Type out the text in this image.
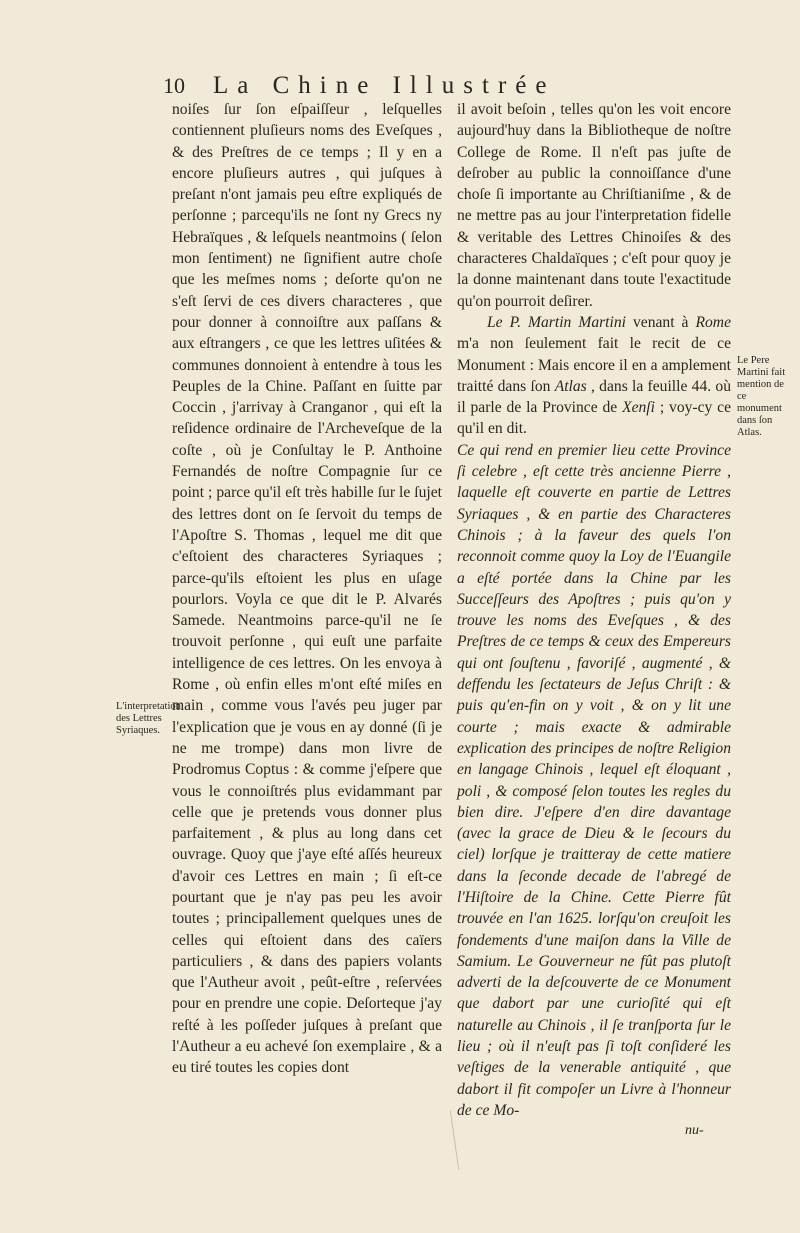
10	La Chine Illustrée

noiſes ſur ſon eſpaiſſeur , leſquelles contiennent pluſieurs noms des Eveſques , & des Preſtres de ce temps ; Il y en a encore pluſieurs autres , qui juſques à preſant n'ont jamais peu eſtre expliqués de perſonne ; parcequ'ils ne ſont ny Grecs ny Hebraïques , & leſquels neantmoins ( ſelon mon ſentiment) ne ſignifient autre choſe que les meſmes noms ; deſorte qu'on ne s'eſt ſervi de ces divers characteres , que pour donner à connoiſtre aux paſſans & aux eſtrangers , ce que les lettres uſitées & communes donnoient à entendre à tous les Peuples de la Chine. Paſſant en ſuitte par Coccin , j'arrivay à Cranganor , qui eſt la reſidence ordinaire de l'Archeveſque de la coſte , où je Conſultay le P. Anthoine Fernandés de noſtre Compagnie ſur ce point ; parce qu'il eſt très habille ſur le ſujet des lettres dont on ſe ſervoit du temps de l'Apoſtre S. Thomas , lequel me dit que c'eſtoient des characteres Syriaques ; parce-qu'ils eſtoient les plus en uſage pourlors. Voyla ce que dit le P. Alvarés Samede. Neantmoins parce-qu'il ne ſe trouvoit perſonne , qui euſt une parfaite intelligence de ces lettres. On les envoya à Rome , où enfin elles m'ont eſté miſes en main , comme vous l'avés peu juger par l'explication que je vous en ay donné (ſi je ne me trompe) dans mon livre de Prodromus Coptus : & comme j'eſpere que vous le connoiſtrés plus evidammant par celle que je pretends vous donner plus parfaitement , & plus au long dans cet ouvrage. Quoy que j'aye eſté aſſés heureux d'avoir ces Lettres en main ; ſi eſt-ce pourtant que je n'ay pas peu les avoir toutes ; principallement quelques unes de celles qui eſtoient dans des caïers particuliers , & dans des papiers volants que l'Autheur avoit , peût-eſtre , reſervées pour en prendre une copie. Deſorteque j'ay reſté à les poſſeder juſques à preſant que l'Autheur a eu achevé ſon exemplaire , & a eu tiré toutes les copies dont

L'interpretation des Lettres Syriaques.

il avoit beſoin , telles qu'on les voit encore aujourd'huy dans la Bibliotheque de noſtre College de Rome. Il n'eſt pas juſte de deſrober au public la connoiſſance d'une choſe ſi importante au Chriſtianiſme , & de ne mettre pas au jour l'interpretation fidelle & veritable des Lettres Chinoiſes & des characteres Chaldaïques ; c'eſt pour quoy je la donne maintenant dans toute l'exactitude qu'on pourroit deſirer.

Le P. Martin Martini venant à Rome m'a non ſeulement fait le recit de ce Monument : Mais encore il en a amplement traitté dans ſon Atlas , dans la feuille 44. où il parle de la Province de Xenſi ; voy-cy ce qu'il en dit.

Ce qui rend en premier lieu cette Province ſi celebre , eſt cette très ancienne Pierre , laquelle eſt couverte en partie de Lettres Syriaques , & en partie des Characteres Chinois ; à la faveur des quels l'on reconnoit comme quoy la Loy de l'Euangile a eſté portée dans la Chine par les Succeſſeurs des Apoſtres ; puis qu'on y trouve les noms des Eveſques , & des Preſtres de ce temps & ceux des Empereurs qui ont ſouſtenu , favoriſé , augmenté , & deffendu les ſectateurs de Jeſus Chriſt : & puis qu'en-fin on y voit , & on y lit une courte ; mais exacte & admirable explication des principes de noſtre Religion en langage Chinois , lequel eſt éloquant , poli , & composé ſelon toutes les regles du bien dire. J'eſpere d'en dire davantage (avec la grace de Dieu & le ſecours du ciel) lorſque je traitteray de cette matiere dans la ſeconde decade de l'abregé de l'Hiſtoire de la Chine. Cette Pierre fût trouvée en l'an 1625. lorſqu'on creuſoit les fondements d'une maiſon dans la Ville de Samium. Le Gouverneur ne fût pas plutoſt adverti de la deſcouverte de ce Monument que dabort par une curioſité qui eſt naturelle au Chinois , il ſe tranſporta ſur le lieu ; où il n'euſt pas ſi toſt conſideré les veſtiges de la venerable antiquité , que dabort il fit compoſer un Livre à l'honneur de ce Mo-

Le Pere Martini fait mention de ce monument dans ſon Atlas.
nu-
